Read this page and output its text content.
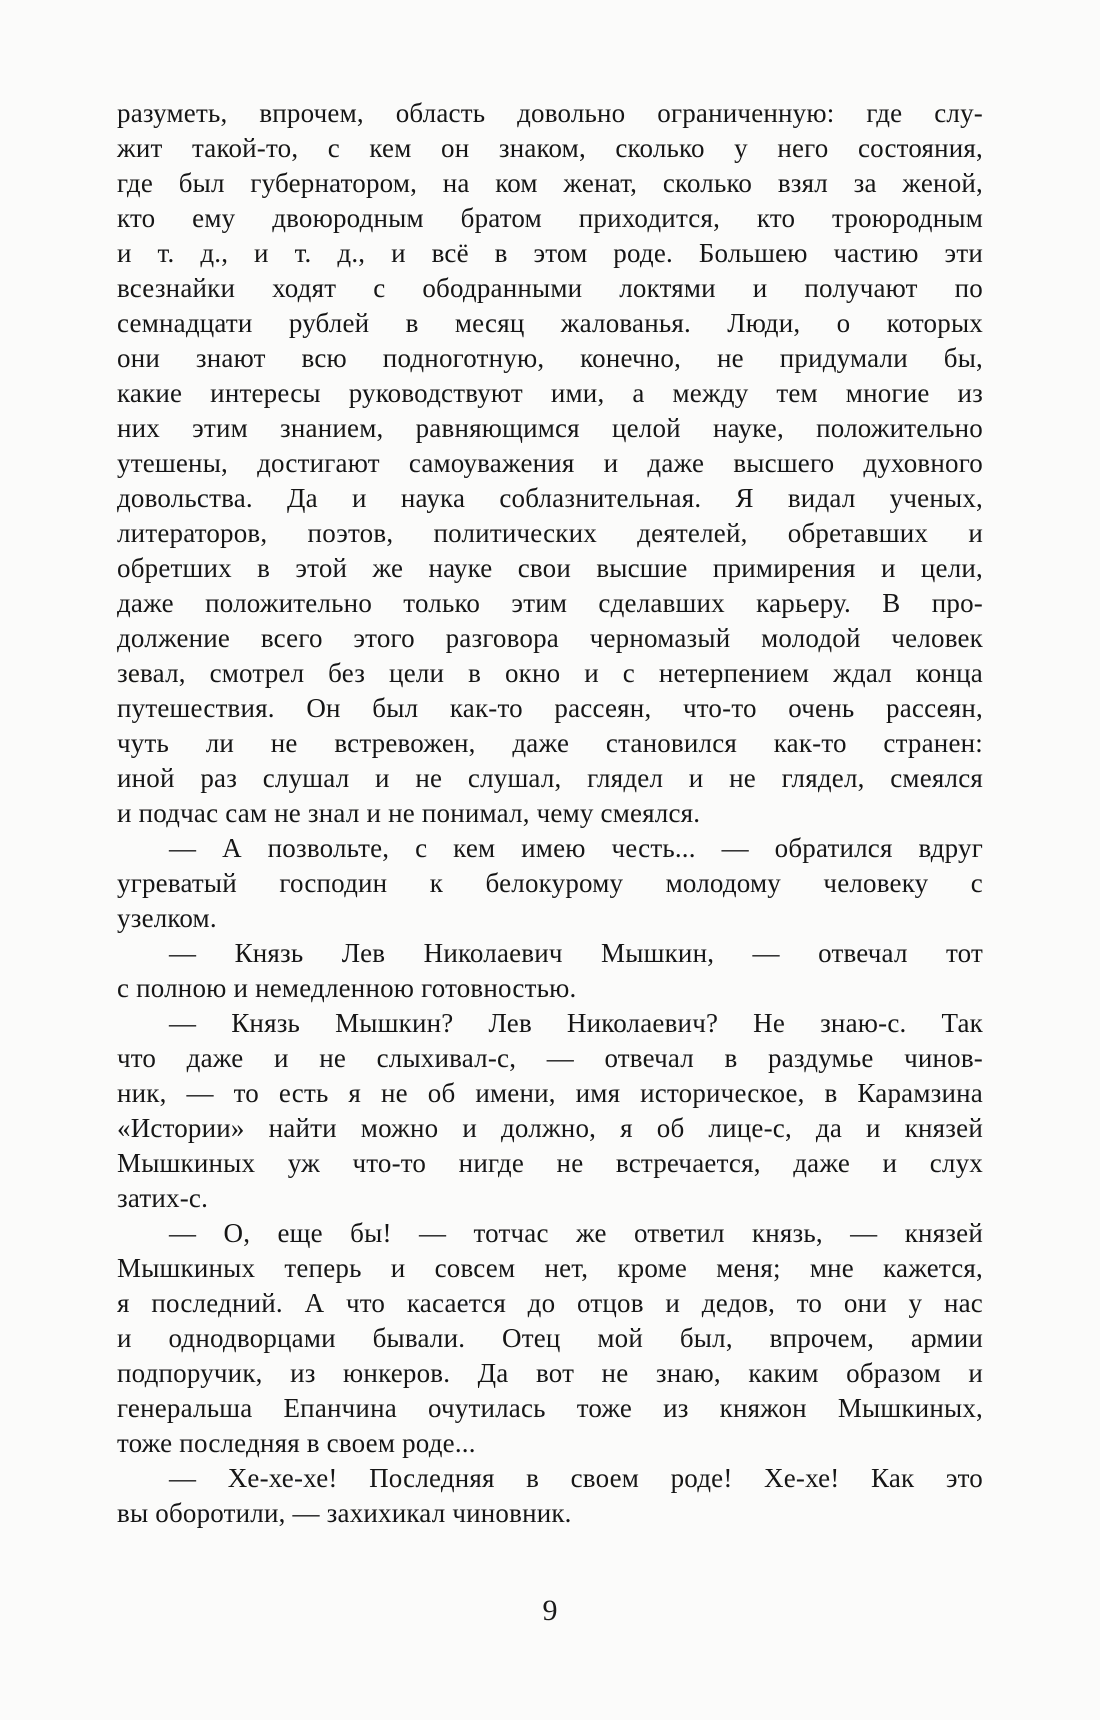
разуметь, впрочем, область довольно ограниченную: где слу-
жит такой-то, с кем он знаком, сколько у него состояния,
где был губернатором, на ком женат, сколько взял за женой,
кто ему двоюродным братом приходится, кто троюродным
и т. д., и т. д., и всё в этом роде. Большею частию эти
всезнайки ходят с ободранными локтями и получают по
семнадцати рублей в месяц жалованья. Люди, о которых
они знают всю подноготную, конечно, не придумали бы,
какие интересы руководствуют ими, а между тем многие из
них этим знанием, равняющимся целой науке, положительно
утешены, достигают самоуважения и даже высшего духовного
довольства. Да и наука соблазнительная. Я видал ученых,
литераторов, поэтов, политических деятелей, обретавших и
обретших в этой же науке свои высшие примирения и цели,
даже положительно только этим сделавших карьеру. В про-
должение всего этого разговора черномазый молодой человек
зевал, смотрел без цели в окно и с нетерпением ждал конца
путешествия. Он был как-то рассеян, что-то очень рассеян,
чуть ли не встревожен, даже становился как-то странен:
иной раз слушал и не слушал, глядел и не глядел, смеялся
и подчас сам не знал и не понимал, чему смеялся.
— А позвольте, с кем имею честь... — обратился вдруг
угреватый господин к белокурому молодому человеку с
узелком.
— Князь Лев Николаевич Мышкин, — отвечал тот
с полною и немедленною готовностью.
— Князь Мышкин? Лев Николаевич? Не знаю-с. Так
что даже и не слыхивал-с, — отвечал в раздумье чинов-
ник, — то есть я не об имени, имя историческое, в Карамзина
«Истории» найти можно и должно, я об лице-с, да и князей
Мышкиных уж что-то нигде не встречается, даже и слух
затих-с.
— О, еще бы! — тотчас же ответил князь, — князей
Мышкиных теперь и совсем нет, кроме меня; мне кажется,
я последний. А что касается до отцов и дедов, то они у нас
и однодворцами бывали. Отец мой был, впрочем, армии
подпоручик, из юнкеров. Да вот не знаю, каким образом и
генеральша Епанчина очутилась тоже из княжон Мышкиных,
тоже последняя в своем роде...
— Хе-хе-хе! Последняя в своем роде! Хе-хе! Как это
вы оборотили, — захихикал чиновник.
9
